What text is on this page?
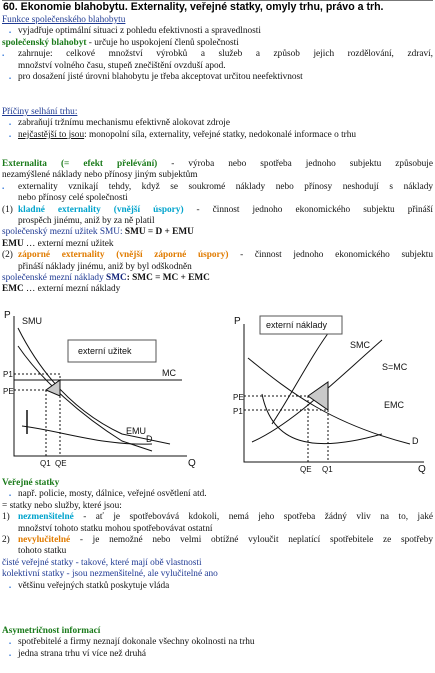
60. Ekonomie blahobytu. Externality, veřejné statky, omyly trhu, právo a trh.
Funkce společenského blahobytu
. vyjadřuje optimální situaci z pohledu efektivnosti a spravedlnosti
společenský blahobyt - určuje ho uspokojení členů společnosti
. zahrnuje: celkové množství výrobků a služeb a způsob jejich rozdělování, zdraví,
množství volného času, stupeň znečištění ovzduší apod.
. pro dosažení jisté úrovni blahobytu je třeba akceptovat určitou neefektivnost
Příčiny selhání trhu:
. zabraňují tržnímu mechanismu efektivně alokovat zdroje
. nejčastější to jsou: monopolní síla, externality, veřejné statky, nedokonalé informace o trhu
Externalita (= efekt přelévání) - výroba nebo spotřeba jednoho subjektu způsobuje
nezamýšlené náklady nebo přínosy jiným subjektům
. externality vznikají tehdy, když se soukromé náklady nebo přínosy neshodují s náklady
nebo přínosy celé společnosti
(1) kladné externality (vnější úspory) - činnost jednoho ekonomického subjektu přináší
prospěch jinému, aniž by za ně platil
společenský mezní užitek SMU: SMU = D + EMU
EMU … externí mezní užitek
(2) záporné externality (vnější záporné úspory) - činnost jednoho ekonomického subjektu
přináší náklady jinému, aniž by byl odškodněn
společenské mezní náklady SMC: SMC = MC + EMC
EMC … externí mezní náklady
externí užitek
P SMU
MC
D
EMU
P1
PE
Q1 QE	Q
externí náklady
P
SMC
S=MC
PE
P1
EMC
D
QE Q1	Q
Veřejné statky
. např. policie, mosty, dálnice, veřejné osvětlení atd.
= statky nebo služby, které jsou:
1) nezmenšitelné - ať je spotřebovává kdokoli, nemá jeho spotřeba žádný vliv na to, jaké
množství tohoto statku mohou spotřebovávat ostatní
2) nevylučitelné - je nemožné nebo velmi obtížné vyloučit neplatící spotřebitele ze spotřeby
tohoto statku
čisté veřejné statky - takové, které mají obě vlastnosti
kolektivní statky - jsou nezmenšitelné, ale vylučitelné ano
. většinu veřejných statků poskytuje vláda
Asymetričnost informací
. spotřebitelé a firmy neznají dokonale všechny okolnosti na trhu
. jedna strana trhu ví více než druhá
